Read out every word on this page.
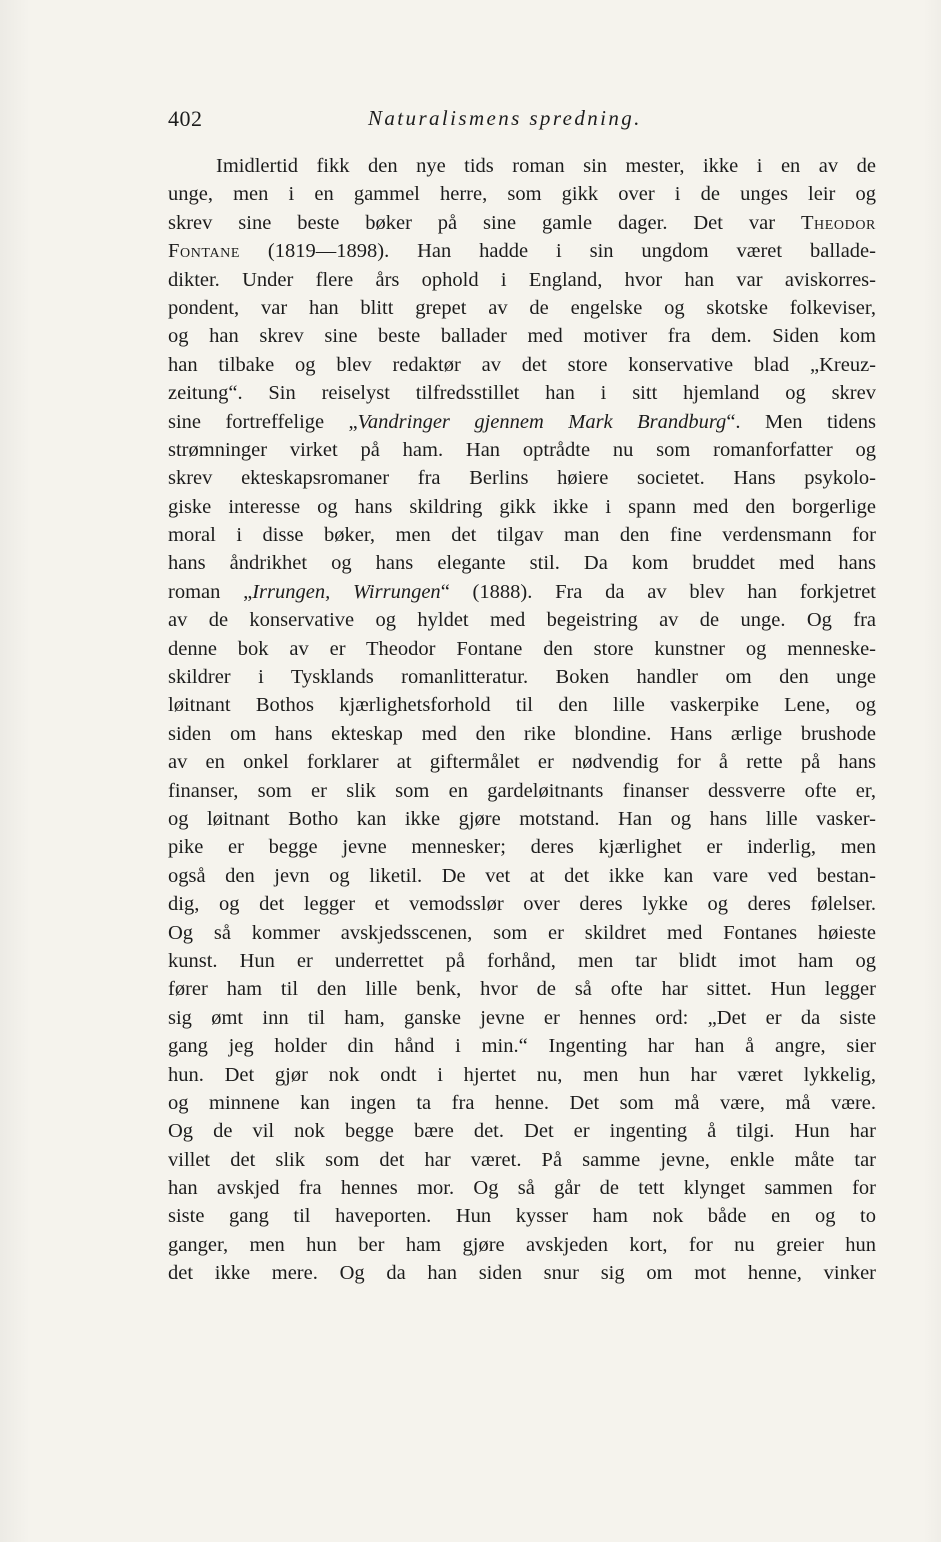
402	Naturalismens spredning.
Imidlertid fikk den nye tids roman sin mester, ikke i en av de
unge, men i en gammel herre, som gikk over i de unges leir og
skrev sine beste bøker på sine gamle dager. Det var Theodor
Fontane (1819—1898). Han hadde i sin ungdom været ballade-
dikter. Under flere års ophold i England, hvor han var aviskorres-
pondent, var han blitt grepet av de engelske og skotske folkeviser,
og han skrev sine beste ballader med motiver fra dem. Siden kom
han tilbake og blev redaktør av det store konservative blad „Kreuz-
zeitung“. Sin reiselyst tilfredsstillet han i sitt hjemland og skrev
sine fortreffelige „Vandringer gjennem Mark Brandburg“. Men tidens
strømninger virket på ham. Han optrådte nu som romanforfatter og
skrev ekteskapsromaner fra Berlins høiere societet. Hans psykolo-
giske interesse og hans skildring gikk ikke i spann med den borgerlige
moral i disse bøker, men det tilgav man den fine verdensmann for
hans åndrikhet og hans elegante stil. Da kom bruddet med hans
roman „Irrungen, Wirrungen“ (1888). Fra da av blev han forkjetret
av de konservative og hyldet med begeistring av de unge. Og fra
denne bok av er Theodor Fontane den store kunstner og menneske-
skildrer i Tysklands romanlitteratur. Boken handler om den unge
løitnant Bothos kjærlighetsforhold til den lille vaskerpike Lene, og
siden om hans ekteskap med den rike blondine. Hans ærlige brushode
av en onkel forklarer at giftermålet er nødvendig for å rette på hans
finanser, som er slik som en gardeløitnants finanser dessverre ofte er,
og løitnant Botho kan ikke gjøre motstand. Han og hans lille vasker-
pike er begge jevne mennesker; deres kjærlighet er inderlig, men
også den jevn og liketil. De vet at det ikke kan vare ved bestan-
dig, og det legger et vemodsslør over deres lykke og deres følelser.
Og så kommer avskjedsscenen, som er skildret med Fontanes høieste
kunst. Hun er underrettet på forhånd, men tar blidt imot ham og
fører ham til den lille benk, hvor de så ofte har sittet. Hun legger
sig ømt inn til ham, ganske jevne er hennes ord: „Det er da siste
gang jeg holder din hånd i min.“ Ingenting har han å angre, sier
hun. Det gjør nok ondt i hjertet nu, men hun har været lykkelig,
og minnene kan ingen ta fra henne. Det som må være, må være.
Og de vil nok begge bære det. Det er ingenting å tilgi. Hun har
villet det slik som det har været. På samme jevne, enkle måte tar
han avskjed fra hennes mor. Og så går de tett klynget sammen for
siste gang til haveporten. Hun kysser ham nok både en og to
ganger, men hun ber ham gjøre avskjeden kort, for nu greier hun
det ikke mere. Og da han siden snur sig om mot henne, vinker
